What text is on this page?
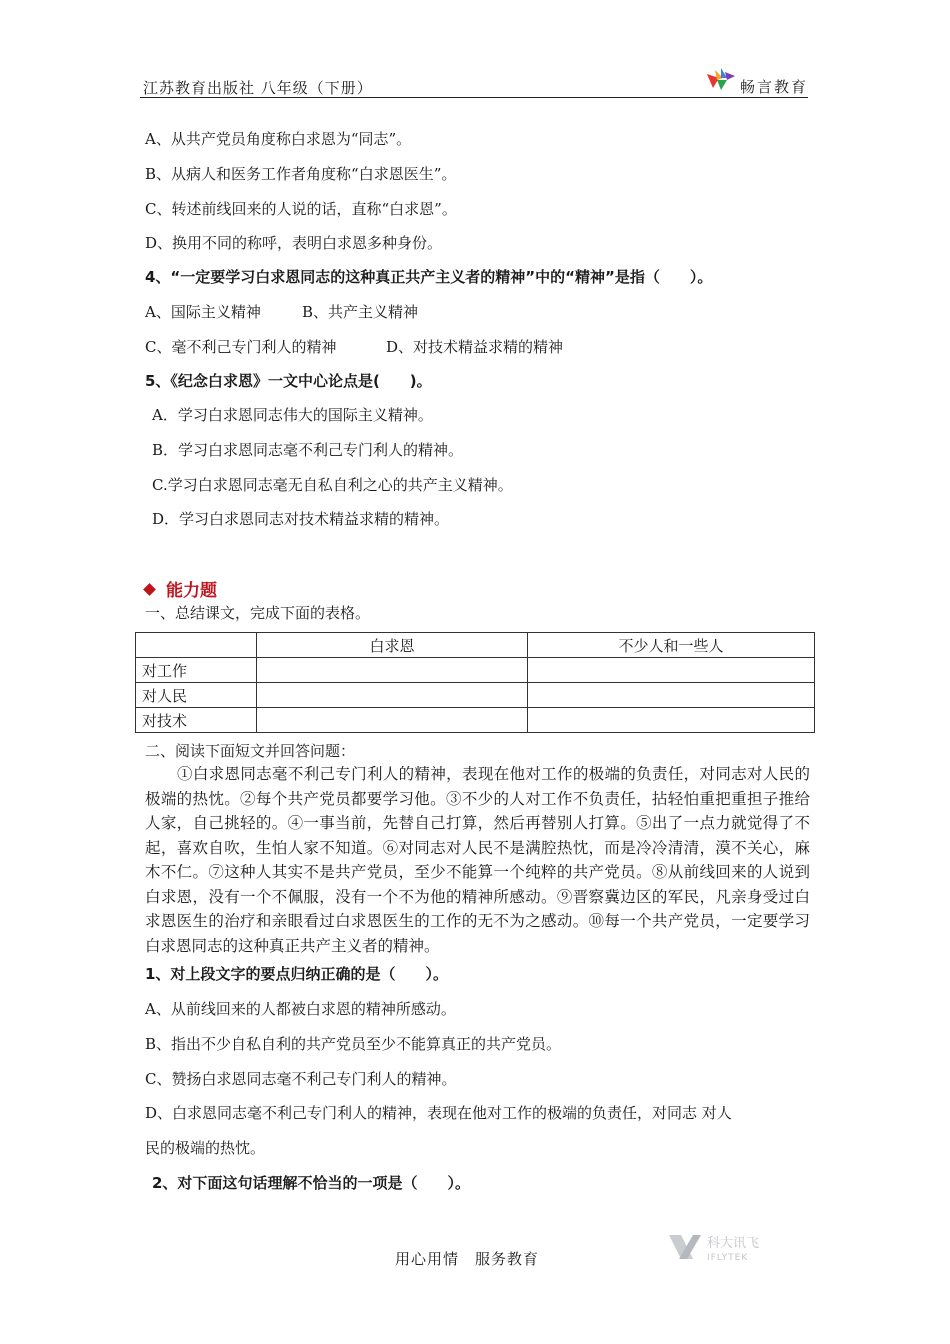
江苏教育出版社 八年级（下册）	畅言教育
A、从共产党员角度称白求恩为“同志”。
B、从病人和医务工作者角度称“白求恩医生”。
C、转述前线回来的人说的话，直称“白求恩”。
D、换用不同的称呼，表明白求恩多种身份。
4、“一定要学习白求恩同志的这种真正共产主义者的精神”中的“精神”是指（　　）。
A、国际主义精神	B、共产主义精神
C、毫不利己专门利人的精神	D、对技术精益求精的精神
5、《纪念白求恩》一文中心论点是(　　)。
A．学习白求恩同志伟大的国际主义精神。
B．学习白求恩同志毫不利己专门利人的精神。
C.学习白求恩同志毫无自私自利之心的共产主义精神。
D．学习白求恩同志对技术精益求精的精神。
能力题
一、总结课文，完成下面的表格。
	白求恩	不少人和一些人
对工作		
对人民		
对技术		
二、阅读下面短文并回答问题：
①白求恩同志毫不利己专门利人的精神，表现在他对工作的极端的负责任，对同志对人民的极端的热忱。②每个共产党员都要学习他。③不少的人对工作不负责任，拈轻怕重把重担子推给人家，自己挑轻的。④一事当前，先替自己打算，然后再替别人打算。⑤出了一点力就觉得了不起，喜欢自吹，生怕人家不知道。⑥对同志对人民不是满腔热忱，而是冷冷清清，漠不关心，麻木不仁。⑦这种人其实不是共产党员，至少不能算一个纯粹的共产党员。⑧从前线回来的人说到白求恩，没有一个不佩服，没有一个不为他的精神所感动。⑨晋察冀边区的军民，凡亲身受过白求恩医生的治疗和亲眼看过白求恩医生的工作的无不为之感动。⑩每一个共产党员，一定要学习白求恩同志的这种真正共产主义者的精神。
1、对上段文字的要点归纳正确的是（　　）。
A、从前线回来的人都被白求恩的精神所感动。
B、指出不少自私自利的共产党员至少不能算真正的共产党员。
C、赞扬白求恩同志毫不利己专门利人的精神。
D、白求恩同志毫不利己专门利人的精神，表现在他对工作的极端的负责任，对同志 对人
民的极端的热忱。
2、对下面这句话理解不恰当的一项是（　　）。
用心用情　服务教育
科大讯飞
IFLYTEK
